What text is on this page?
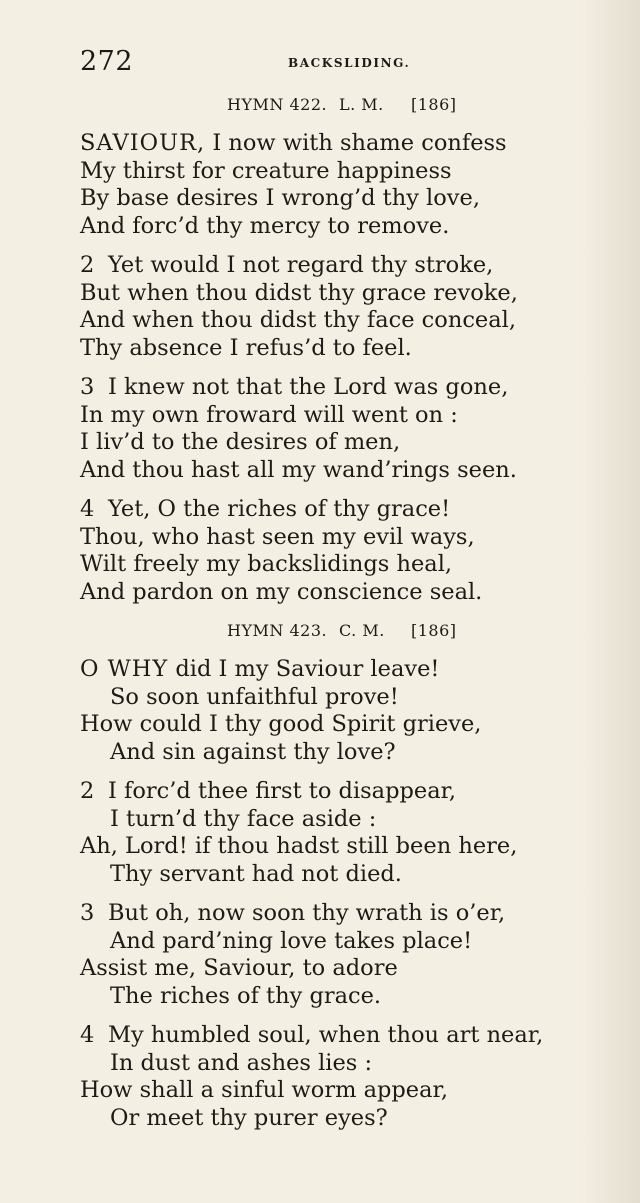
272	BACKSLIDING.
HYMN 422. L. M. [186]
SAVIOUR, I now with shame confess
My thirst for creature happiness
By base desires I wrong’d thy love,
And forc’d thy mercy to remove.
2 Yet would I not regard thy stroke,
But when thou didst thy grace revoke,
And when thou didst thy face conceal,
Thy absence I refus’d to feel.
3 I knew not that the Lord was gone,
In my own froward will went on :
I liv’d to the desires of men,
And thou hast all my wand’rings seen.
4 Yet, O the riches of thy grace!
Thou, who hast seen my evil ways,
Wilt freely my backslidings heal,
And pardon on my conscience seal.
HYMN 423. C. M. [186]
O WHY did I my Saviour leave!
So soon unfaithful prove!
How could I thy good Spirit grieve,
And sin against thy love?
2 I forc’d thee first to disappear,
I turn’d thy face aside :
Ah, Lord! if thou hadst still been here,
Thy servant had not died.
3 But oh, now soon thy wrath is o’er,
And pard’ning love takes place!
Assist me, Saviour, to adore
The riches of thy grace.
4 My humbled soul, when thou art near,
In dust and ashes lies :
How shall a sinful worm appear,
Or meet thy purer eyes?
